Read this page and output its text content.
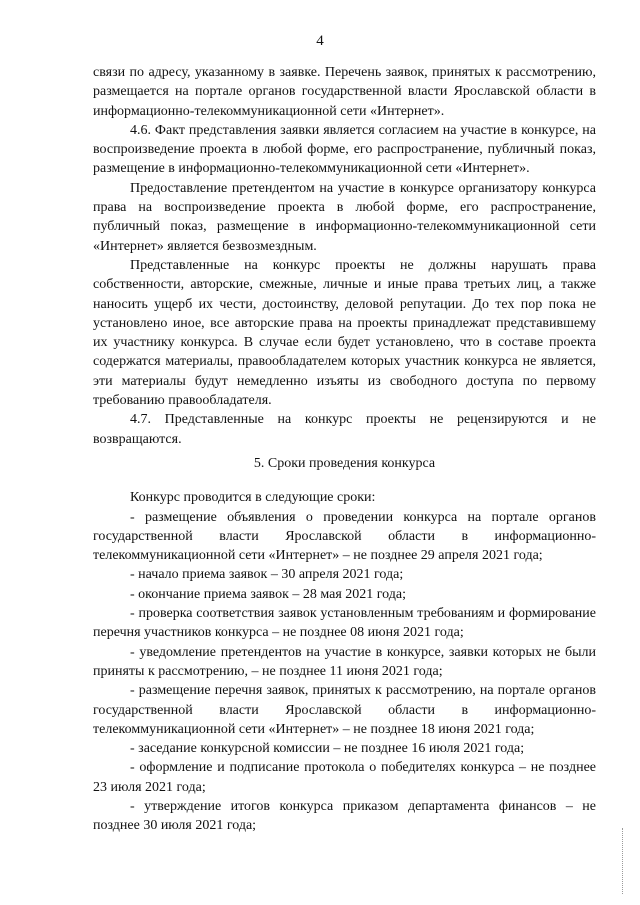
4

связи по адресу, указанному в заявке. Перечень заявок, принятых к рассмотрению, размещается на портале органов государственной власти Ярославской области в информационно-телекоммуникационной сети «Интернет».

4.6. Факт представления заявки является согласием на участие в конкурсе, на воспроизведение проекта в любой форме, его распространение, публичный показ, размещение в информационно-телекоммуникационной сети «Интернет».

Предоставление претендентом на участие в конкурсе организатору конкурса права на воспроизведение проекта в любой форме, его распространение, публичный показ, размещение в информационно-телекоммуникационной сети «Интернет» является безвозмездным.

Представленные на конкурс проекты не должны нарушать права собственности, авторские, смежные, личные и иные права третьих лиц, а также наносить ущерб их чести, достоинству, деловой репутации. До тех пор пока не установлено иное, все авторские права на проекты принадлежат представившему их участнику конкурса. В случае если будет установлено, что в составе проекта содержатся материалы, правообладателем которых участник конкурса не является, эти материалы будут немедленно изъяты из свободного доступа по первому требованию правообладателя.

4.7. Представленные на конкурс проекты не рецензируются и не возвращаются.

5. Сроки проведения конкурса

Конкурс проводится в следующие сроки:

- размещение объявления о проведении конкурса на портале органов государственной власти Ярославской области в информационно-телекоммуникационной сети «Интернет» – не позднее 29 апреля 2021 года;

- начало приема заявок – 30 апреля 2021 года;

- окончание приема заявок – 28 мая 2021 года;

- проверка соответствия заявок установленным требованиям и формирование перечня участников конкурса – не позднее 08 июня 2021 года;

- уведомление претендентов на участие в конкурсе, заявки которых не были приняты к рассмотрению, – не позднее 11 июня 2021 года;

- размещение перечня заявок, принятых к рассмотрению, на портале органов государственной власти Ярославской области в информационно-телекоммуникационной сети «Интернет» – не позднее 18 июня 2021 года;

- заседание конкурсной комиссии – не позднее 16 июля 2021 года;

- оформление и подписание протокола о победителях конкурса – не позднее 23 июля 2021 года;

- утверждение итогов конкурса приказом департамента финансов – не позднее 30 июля 2021 года;
